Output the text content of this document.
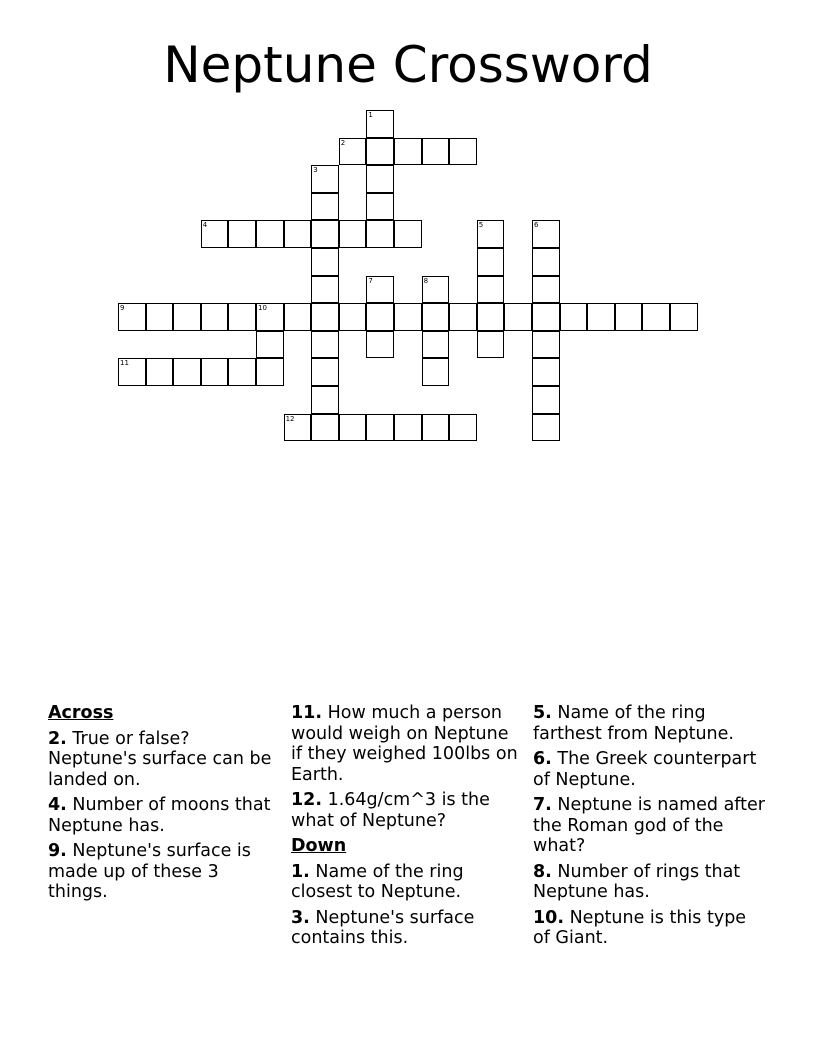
Neptune Crossword
1
2
3
4	5	6
7	8
9	10
11
12
Across
2. True or false? Neptune's surface can be landed on.
4. Number of moons that Neptune has.
9. Neptune's surface is made up of these 3 things.
11. How much a person would weigh on Neptune if they weighed 100lbs on Earth.
12. 1.64g/cm^3 is the what of Neptune?
Down
1. Name of the ring closest to Neptune.
3. Neptune's surface contains this.
5. Name of the ring farthest from Neptune.
6. The Greek counterpart of Neptune.
7. Neptune is named after the Roman god of the what?
8. Number of rings that Neptune has.
10. Neptune is this type of Giant.
